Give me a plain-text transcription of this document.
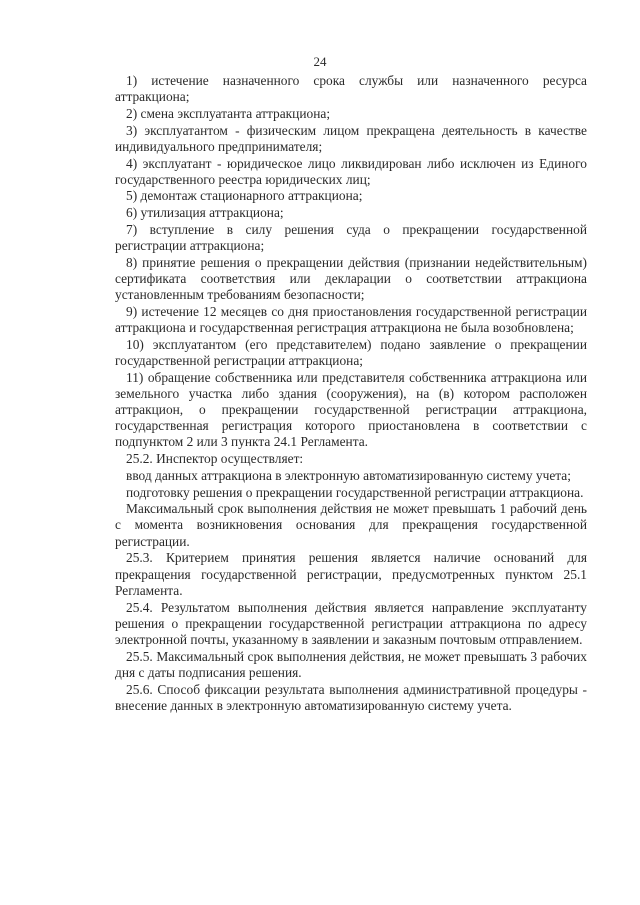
24

1) истечение назначенного срока службы или назначенного ресурса аттракциона;

2) смена эксплуатанта аттракциона;

3) эксплуатантом - физическим лицом прекращена деятельность в качестве индивидуального предпринимателя;

4) эксплуатант - юридическое лицо ликвидирован либо исключен из Единого государственного реестра юридических лиц;

5) демонтаж стационарного аттракциона;

6) утилизация аттракциона;

7) вступление в силу решения суда о прекращении государственной регистрации аттракциона;

8) принятие решения о прекращении действия (признании недействительным) сертификата соответствия или декларации о соответствии аттракциона установленным требованиям безопасности;

9) истечение 12 месяцев со дня приостановления государственной регистрации аттракциона и государственная регистрация аттракциона не была возобновлена;

10) эксплуатантом (его представителем) подано заявление о прекращении государственной регистрации аттракциона;

11) обращение собственника или представителя собственника аттракциона или земельного участка либо здания (сооружения), на (в) котором расположен аттракцион, о прекращении государственной регистрации аттракциона, государственная регистрация которого приостановлена в соответствии с подпунктом 2 или 3 пункта 24.1 Регламента.

25.2. Инспектор осуществляет:

ввод данных аттракциона в электронную автоматизированную систему учета;

подготовку решения о прекращении государственной регистрации аттракциона.

Максимальный срок выполнения действия не может превышать 1 рабочий день с момента возникновения основания для прекращения государственной регистрации.

25.3. Критерием принятия решения является наличие оснований для прекращения государственной регистрации, предусмотренных пунктом 25.1 Регламента.

25.4. Результатом выполнения действия является направление эксплуатанту решения о прекращении государственной регистрации аттракциона по адресу электронной почты, указанному в заявлении и заказным почтовым отправлением.

25.5. Максимальный срок выполнения действия, не может превышать 3 рабочих дня с даты подписания решения.

25.6. Способ фиксации результата выполнения административной процедуры - внесение данных в электронную автоматизированную систему учета.
